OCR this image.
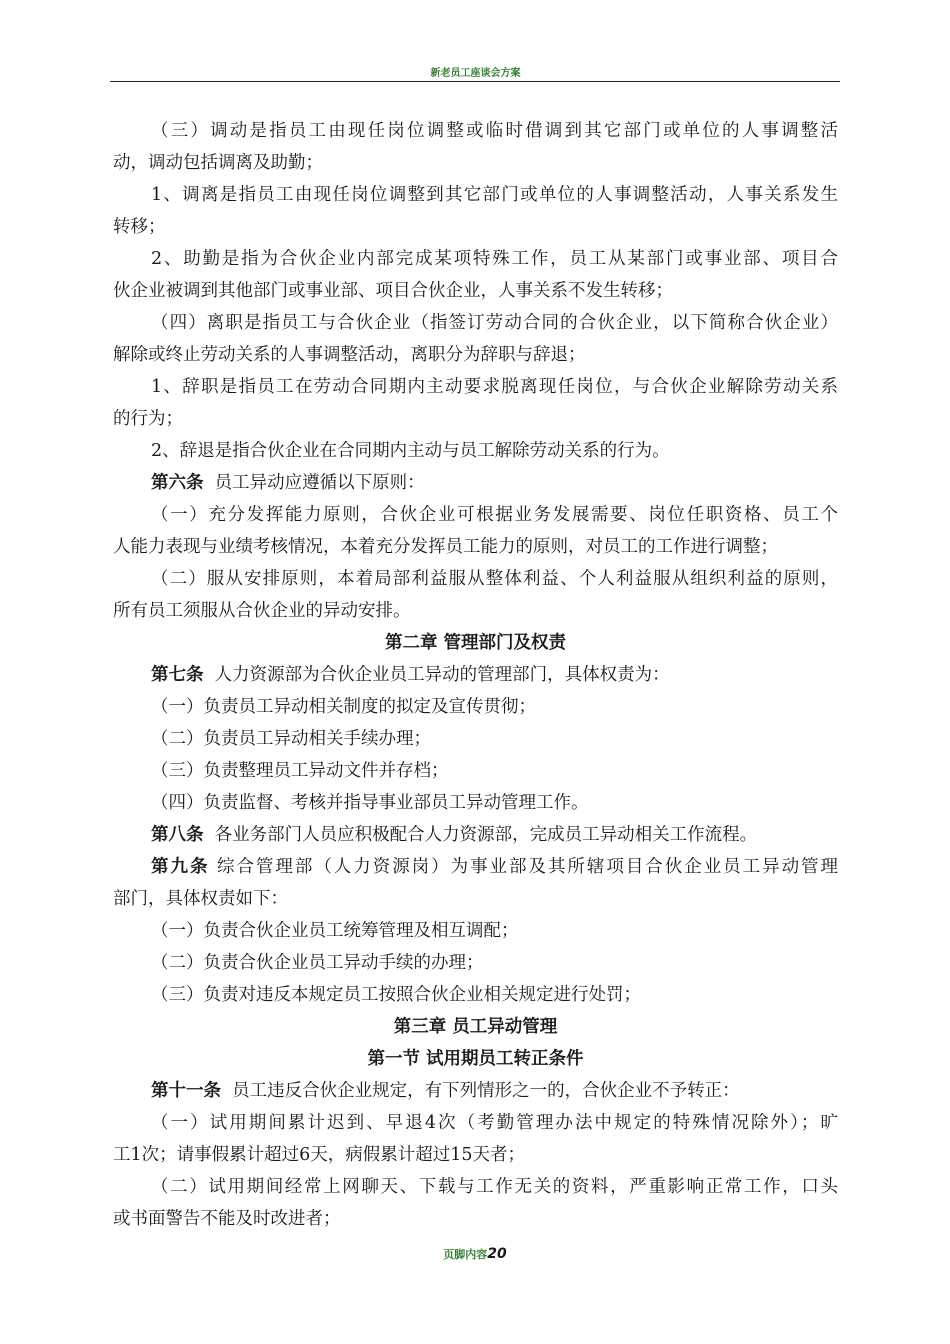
新老员工座谈会方案
（三）调动是指员工由现任岗位调整或临时借调到其它部门或单位的人事调整活
动，调动包括调离及助勤；
1、调离是指员工由现任岗位调整到其它部门或单位的人事调整活动，人事关系发生
转移；
2、助勤是指为合伙企业内部完成某项特殊工作，员工从某部门或事业部、项目合
伙企业被调到其他部门或事业部、项目合伙企业，人事关系不发生转移；
（四）离职是指员工与合伙企业（指签订劳动合同的合伙企业，以下简称合伙企业）
解除或终止劳动关系的人事调整活动，离职分为辞职与辞退；
1、辞职是指员工在劳动合同期内主动要求脱离现任岗位，与合伙企业解除劳动关系
的行为；
2、辞退是指合伙企业在合同期内主动与员工解除劳动关系的行为。
第六条 员工异动应遵循以下原则：
（一）充分发挥能力原则，合伙企业可根据业务发展需要、岗位任职资格、员工个
人能力表现与业绩考核情况，本着充分发挥员工能力的原则，对员工的工作进行调整；
（二）服从安排原则，本着局部利益服从整体利益、个人利益服从组织利益的原则，
所有员工须服从合伙企业的异动安排。
第二章 管理部门及权责
第七条 人力资源部为合伙企业员工异动的管理部门，具体权责为：
（一）负责员工异动相关制度的拟定及宣传贯彻；
（二）负责员工异动相关手续办理；
（三）负责整理员工异动文件并存档；
（四）负责监督、考核并指导事业部员工异动管理工作。
第八条 各业务部门人员应积极配合人力资源部，完成员工异动相关工作流程。
第九条 综合管理部（人力资源岗）为事业部及其所辖项目合伙企业员工异动管理
部门，具体权责如下：
（一）负责合伙企业员工统筹管理及相互调配；
（二）负责合伙企业员工异动手续的办理；
（三）负责对违反本规定员工按照合伙企业相关规定进行处罚；
第三章 员工异动管理
第一节 试用期员工转正条件
第十一条 员工违反合伙企业规定，有下列情形之一的，合伙企业不予转正：
（一）试用期间累计迟到、早退4次（考勤管理办法中规定的特殊情况除外）；旷
工1次；请事假累计超过6天，病假累计超过15天者；
（二）试用期间经常上网聊天、下载与工作无关的资料，严重影响正常工作，口头
或书面警告不能及时改进者；
页脚内容20
